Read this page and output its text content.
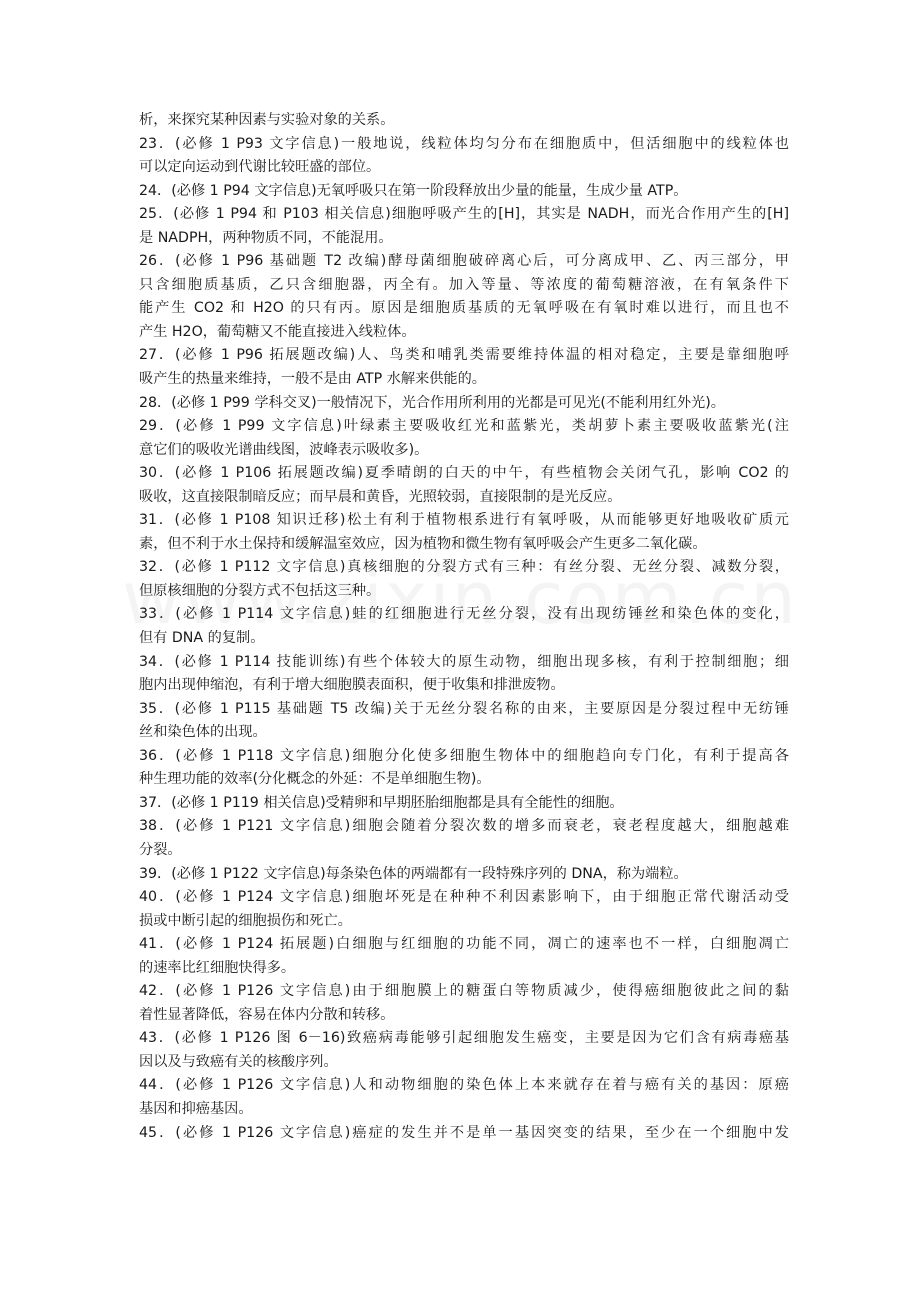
析，来探究某种因素与实验对象的关系。
23．(必修 1 P93 文字信息)一般地说，线粒体均匀分布在细胞质中，但活细胞中的线粒体也
可以定向运动到代谢比较旺盛的部位。
24．(必修 1 P94 文字信息)无氧呼吸只在第一阶段释放出少量的能量，生成少量 ATP。
25．(必修 1 P94 和 P103 相关信息)细胞呼吸产生的[H]，其实是 NADH，而光合作用产生的[H]
是 NADPH，两种物质不同，不能混用。
26．(必修 1 P96 基础题 T2 改编)酵母菌细胞破碎离心后，可分离成甲、乙、丙三部分，甲
只含细胞质基质，乙只含细胞器，丙全有。加入等量、等浓度的葡萄糖溶液，在有氧条件下
能产生 CO2 和 H2O 的只有丙。原因是细胞质基质的无氧呼吸在有氧时难以进行，而且也不
产生 H2O，葡萄糖又不能直接进入线粒体。
27．(必修 1 P96 拓展题改编)人、鸟类和哺乳类需要维持体温的相对稳定，主要是靠细胞呼
吸产生的热量来维持，一般不是由 ATP 水解来供能的。
28．(必修 1 P99 学科交叉)一般情况下，光合作用所利用的光都是可见光(不能利用红外光)。
29．(必修 1 P99 文字信息)叶绿素主要吸收红光和蓝紫光，类胡萝卜素主要吸收蓝紫光(注
意它们的吸收光谱曲线图，波峰表示吸收多)。
30．(必修 1 P106 拓展题改编)夏季晴朗的白天的中午，有些植物会关闭气孔，影响 CO2 的
吸收，这直接限制暗反应；而早晨和黄昏，光照较弱，直接限制的是光反应。
31．(必修 1 P108 知识迁移)松土有利于植物根系进行有氧呼吸，从而能够更好地吸收矿质元
素，但不利于水土保持和缓解温室效应，因为植物和微生物有氧呼吸会产生更多二氧化碳。
32．(必修 1 P112 文字信息)真核细胞的分裂方式有三种：有丝分裂、无丝分裂、减数分裂，
但原核细胞的分裂方式不包括这三种。
33．(必修 1 P114 文字信息)蛙的红细胞进行无丝分裂，没有出现纺锤丝和染色体的变化，
但有 DNA 的复制。
34．(必修 1 P114 技能训练)有些个体较大的原生动物，细胞出现多核，有利于控制细胞；细
胞内出现伸缩泡，有利于增大细胞膜表面积，便于收集和排泄废物。
35．(必修 1 P115 基础题 T5 改编)关于无丝分裂名称的由来，主要原因是分裂过程中无纺锤
丝和染色体的出现。
36．(必修 1 P118 文字信息)细胞分化使多细胞生物体中的细胞趋向专门化，有利于提高各
种生理功能的效率(分化概念的外延：不是单细胞生物)。
37．(必修 1 P119 相关信息)受精卵和早期胚胎细胞都是具有全能性的细胞。
38．(必修 1 P121 文字信息)细胞会随着分裂次数的增多而衰老，衰老程度越大，细胞越难
分裂。
39．(必修 1 P122 文字信息)每条染色体的两端都有一段特殊序列的 DNA，称为端粒。
40．(必修 1 P124 文字信息)细胞坏死是在种种不利因素影响下，由于细胞正常代谢活动受
损或中断引起的细胞损伤和死亡。
41．(必修 1 P124 拓展题)白细胞与红细胞的功能不同，凋亡的速率也不一样，白细胞凋亡
的速率比红细胞快得多。
42．(必修 1 P126 文字信息)由于细胞膜上的糖蛋白等物质减少，使得癌细胞彼此之间的黏
着性显著降低，容易在体内分散和转移。
43．(必修 1 P126 图 6－16)致癌病毒能够引起细胞发生癌变，主要是因为它们含有病毒癌基
因以及与致癌有关的核酸序列。
44．(必修 1 P126 文字信息)人和动物细胞的染色体上本来就存在着与癌有关的基因：原癌
基因和抑癌基因。
45．(必修 1 P126 文字信息)癌症的发生并不是单一基因突变的结果，至少在一个细胞中发
